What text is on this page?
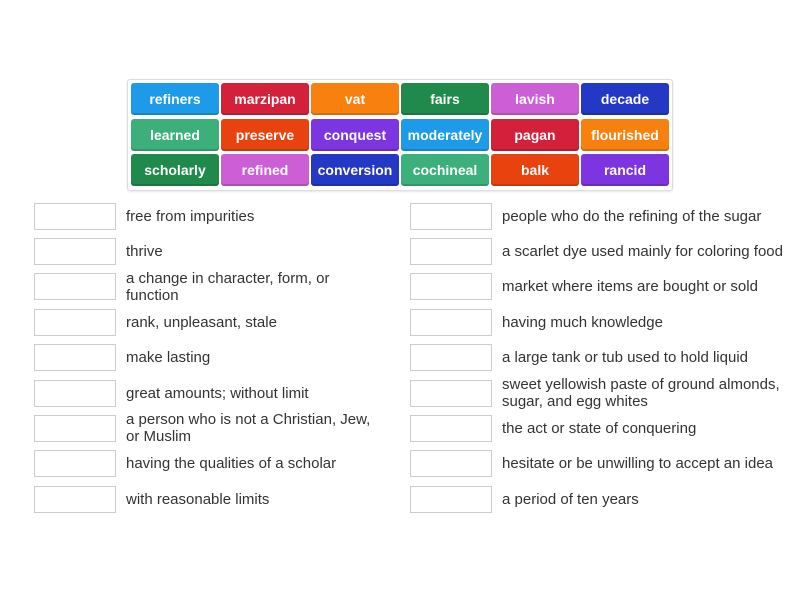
refiners	marzipan	vat	fairs	lavish	decade
learned	preserve	conquest	moderately	pagan	flourished
scholarly	refined	conversion	cochineal	balk	rancid
free from impurities
thrive
a change in character, form, or function
rank, unpleasant, stale
make lasting
great amounts; without limit
a person who is not a Christian, Jew, or Muslim
having the qualities of a scholar
with reasonable limits
people who do the refining of the sugar
a scarlet dye used mainly for coloring food
market where items are bought or sold
having much knowledge
a large tank or tub used to hold liquid
sweet yellowish paste of ground almonds, sugar, and egg whites
the act or state of conquering
hesitate or be unwilling to accept an idea
a period of ten years
